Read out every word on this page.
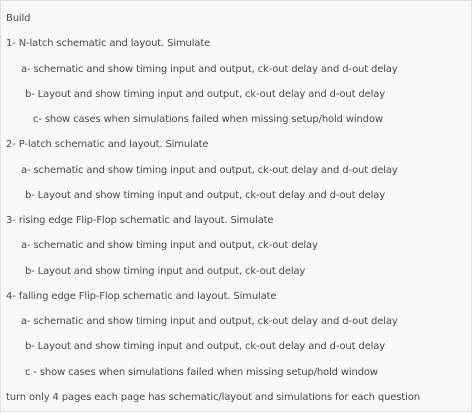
Build
1- N-latch schematic and layout. Simulate
a- schematic and show timing input and output, ck-out delay and d-out delay
b- Layout and show timing input and output, ck-out delay and d-out delay
c- show cases when simulations failed when missing setup/hold window
2- P-latch schematic and layout. Simulate
a- schematic and show timing input and output, ck-out delay and d-out delay
b- Layout and show timing input and output, ck-out delay and d-out delay
3- rising edge Flip-Flop schematic and layout. Simulate
a- schematic and show timing input and output, ck-out delay
b- Layout and show timing input and output, ck-out delay
4- falling edge Flip-Flop schematic and layout. Simulate
a- schematic and show timing input and output, ck-out delay and d-out delay
b- Layout and show timing input and output, ck-out delay and d-out delay
c - show cases when simulations failed when missing setup/hold window
turn only 4 pages each page has schematic/layout and simulations for each question
